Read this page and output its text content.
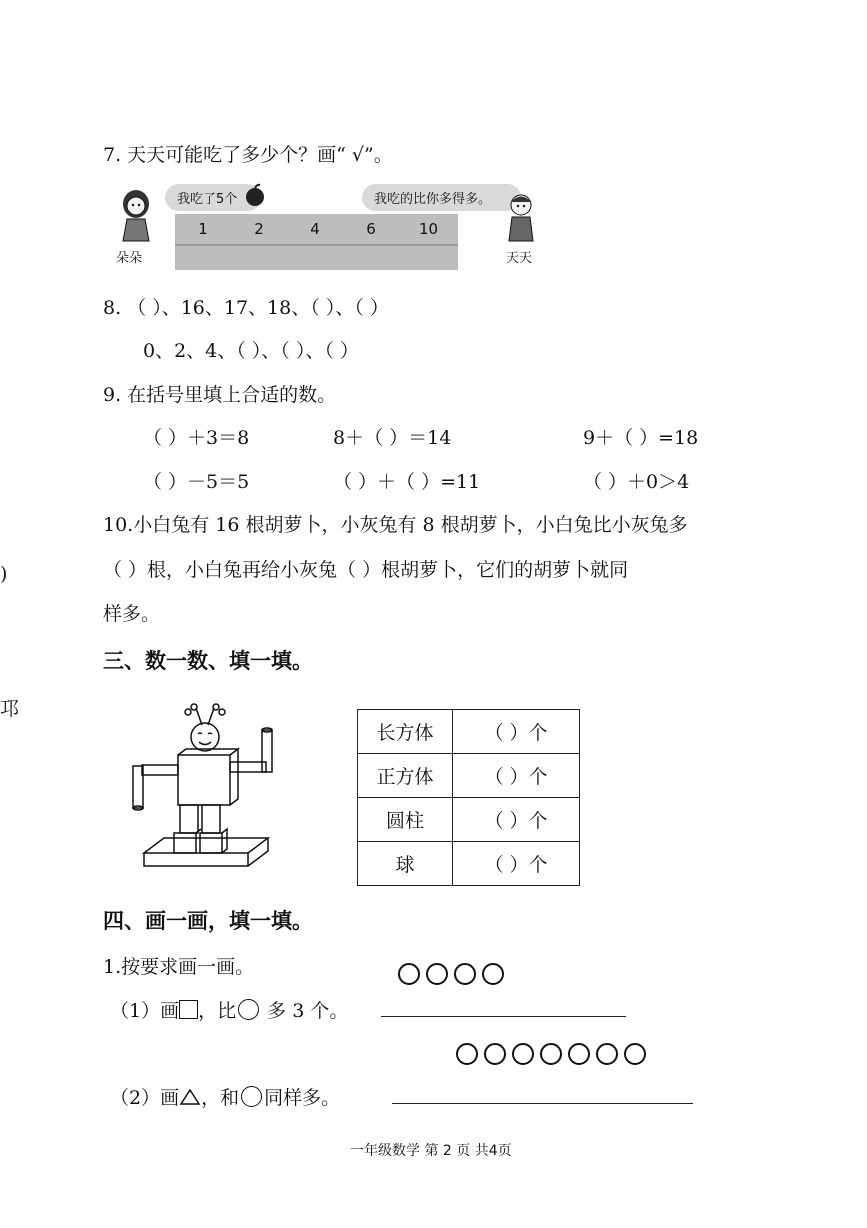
7. 天天可能吃了多少个？画“ √”。
朵朵
我吃了5个	我吃的比你多得多。
天天
1	2	4	6	10
8. （ ）、16、17、18、（ ）、（ ）
0、2、4、（ ）、（ ）、（ ）
9. 在括号里填上合适的数。
（ ）＋3＝8	8＋（ ）＝14	9＋（ ）=18
（ ）－5＝5	（ ）＋（ ）=11	（ ）＋0＞4
10.小白兔有 16 根胡萝卜，小灰兔有 8 根胡萝卜，小白兔比小灰兔多
（ ）根，小白兔再给小灰兔（ ）根胡萝卜，它们的胡萝卜就同
样多。
)
邛
三、数一数、填一填。
长方体	（ ）个
正方体	（ ）个
圆柱	（ ）个
球	（ ）个
四、画一画，填一填。
1.按要求画一画。
（1）画 ，比 多 3 个。
（2）画 ，和 同样多。
一年级数学 第 2 页 共4页
